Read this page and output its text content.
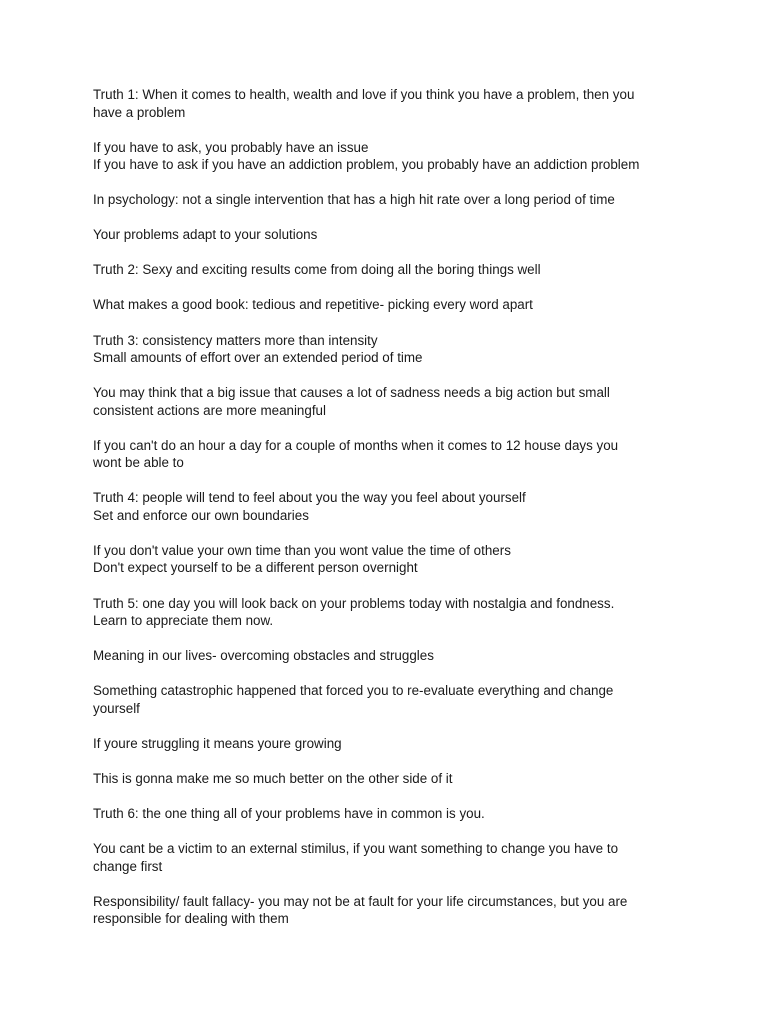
Truth 1: When it comes to health, wealth and love if you think you have a problem, then you
have a problem

If you have to ask, you probably have an issue
If you have to ask if you have an addiction problem, you probably have an addiction problem

In psychology: not a single intervention that has a high hit rate over a long period of time

Your problems adapt to your solutions

Truth 2: Sexy and exciting results come from doing all the boring things well

What makes a good book: tedious and repetitive- picking every word apart

Truth 3: consistency matters more than intensity
Small amounts of effort over an extended period of time

You may think that a big issue that causes a lot of sadness needs a big action but small
consistent actions are more meaningful

If you can't do an hour a day for a couple of months when it comes to 12 house days you
wont be able to

Truth 4: people will tend to feel about you the way you feel about yourself
Set and enforce our own boundaries

If you don't value your own time than you wont value the time of others
Don't expect yourself to be a different person overnight

Truth 5: one day you will look back on your problems today with nostalgia and fondness.
Learn to appreciate them now.

Meaning in our lives- overcoming obstacles and struggles

Something catastrophic happened that forced you to re-evaluate everything and change
yourself

If youre struggling it means youre growing

This is gonna make me so much better on the other side of it

Truth 6: the one thing all of your problems have in common is you.

You cant be a victim to an external stimilus, if you want something to change you have to
change first

Responsibility/ fault fallacy- you may not be at fault for your life circumstances, but you are
responsible for dealing with them
